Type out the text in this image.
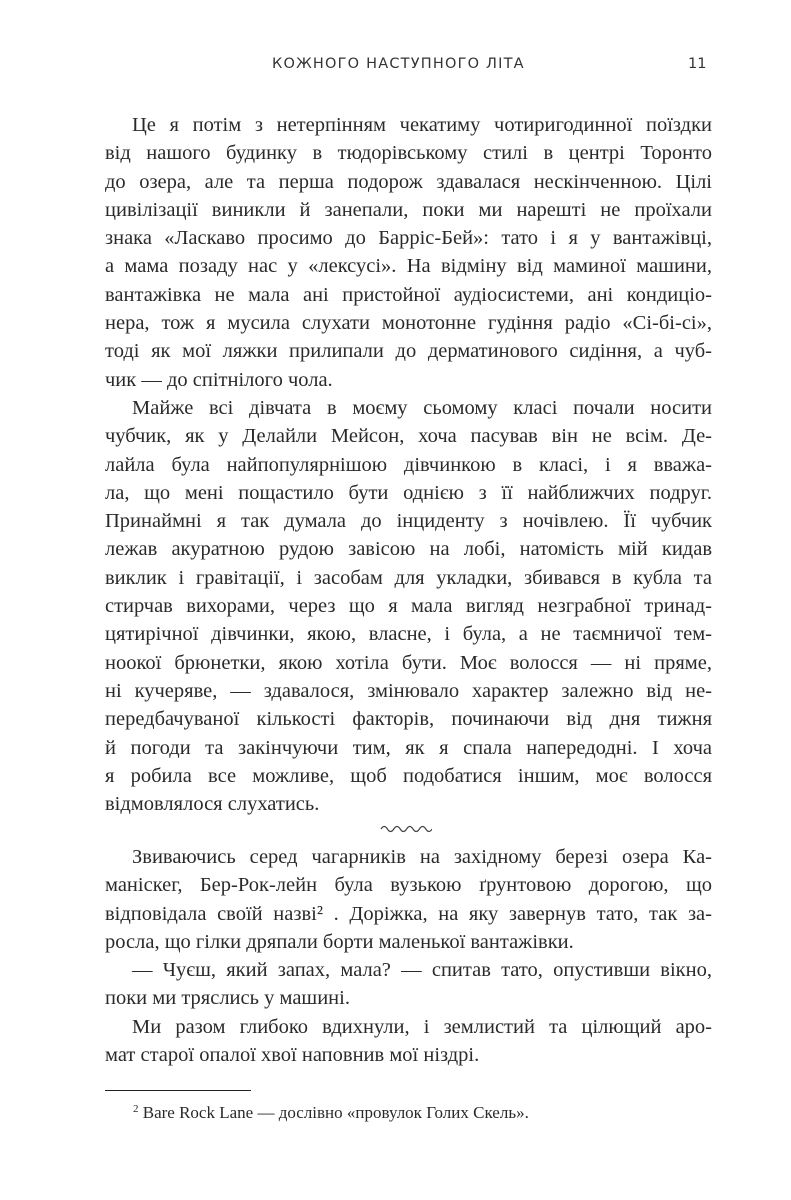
КОЖНОГО НАСТУПНОГО ЛІТА	11
Це я потім з нетерпінням чекатиму чотиригодинної поїздки
від нашого будинку в тюдорівському стилі в центрі Торонто
до озера, але та перша подорож здавалася нескінченною. Цілі
цивілізації виникли й занепали, поки ми нарешті не проїхали
знака «Ласкаво просимо до Барріс-Бей»: тато і я у вантажівці,
а мама позаду нас у «лексусі». На відміну від маминої машини,
вантажівка не мала ані пристойної аудіосистеми, ані кондиціо-
нера, тож я мусила слухати монотонне гудіння радіо «Сі-бі-сі»,
тоді як мої ляжки прилипали до дерматинового сидіння, а чуб-
чик — до спітнілого чола.
Майже всі дівчата в моєму сьомому класі почали носити
чубчик, як у Делайли Мейсон, хоча пасував він не всім. Де-
лайла була найпопулярнішою дівчинкою в класі, і я вважа-
ла, що мені пощастило бути однією з її найближчих подруг.
Принаймні я так думала до інциденту з ночівлею. Її чубчик
лежав акуратною рудою завісою на лобі, натомість мій кидав
виклик і гравітації, і засобам для укладки, збивався в кубла та
стирчав вихорами, через що я мала вигляд незграбної тринад-
цятирічної дівчинки, якою, власне, і була, а не таємничої тем-
ноокої брюнетки, якою хотіла бути. Моє волосся — ні пряме,
ні кучеряве, — здавалося, змінювало характер залежно від не-
передбачуваної кількості факторів, починаючи від дня тижня
й погоди та закінчуючи тим, як я спала напередодні. І хоча
я робила все можливе, щоб подобатися іншим, моє волосся
відмовлялося слухатись.
Звиваючись серед чагарників на західному березі озера Ка-
маніскег, Бер-Рок-лейн була вузькою ґрунтовою дорогою, що
відповідала своїй назві² . Доріжка, на яку завернув тато, так за-
росла, що гілки дряпали борти маленької вантажівки.
— Чуєш, який запах, мала? — спитав тато, опустивши вікно,
поки ми тряслись у машині.
Ми разом глибоко вдихнули, і землистий та цілющий аро-
мат старої опалої хвої наповнив мої ніздрі.
$^2$ Bare Rock Lane — дослівно «провулок Голих Скель».
